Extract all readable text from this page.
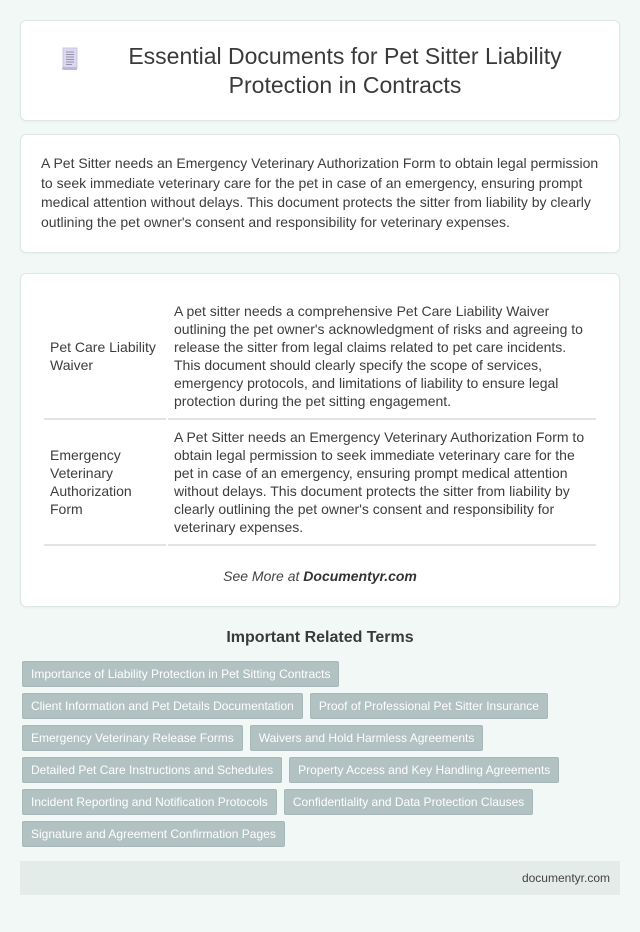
Essential Documents for Pet Sitter Liability Protection in Contracts

A Pet Sitter needs an Emergency Veterinary Authorization Form to obtain legal permission to seek immediate veterinary care for the pet in case of an emergency, ensuring prompt medical attention without delays. This document protects the sitter from liability by clearly outlining the pet owner's consent and responsibility for veterinary expenses.

Pet Care Liability Waiver	A pet sitter needs a comprehensive Pet Care Liability Waiver outlining the pet owner's acknowledgment of risks and agreeing to release the sitter from legal claims related to pet care incidents. This document should clearly specify the scope of services, emergency protocols, and limitations of liability to ensure legal protection during the pet sitting engagement.
Emergency Veterinary Authorization Form	A Pet Sitter needs an Emergency Veterinary Authorization Form to obtain legal permission to seek immediate veterinary care for the pet in case of an emergency, ensuring prompt medical attention without delays. This document protects the sitter from liability by clearly outlining the pet owner's consent and responsibility for veterinary expenses.
See More at Documentyr.com
Important Related Terms
Importance of Liability Protection in Pet Sitting Contracts
Client Information and Pet Details Documentation	Proof of Professional Pet Sitter Insurance
Emergency Veterinary Release Forms	Waivers and Hold Harmless Agreements
Detailed Pet Care Instructions and Schedules	Property Access and Key Handling Agreements
Incident Reporting and Notification Protocols	Confidentiality and Data Protection Clauses
Signature and Agreement Confirmation Pages
documentyr.com
